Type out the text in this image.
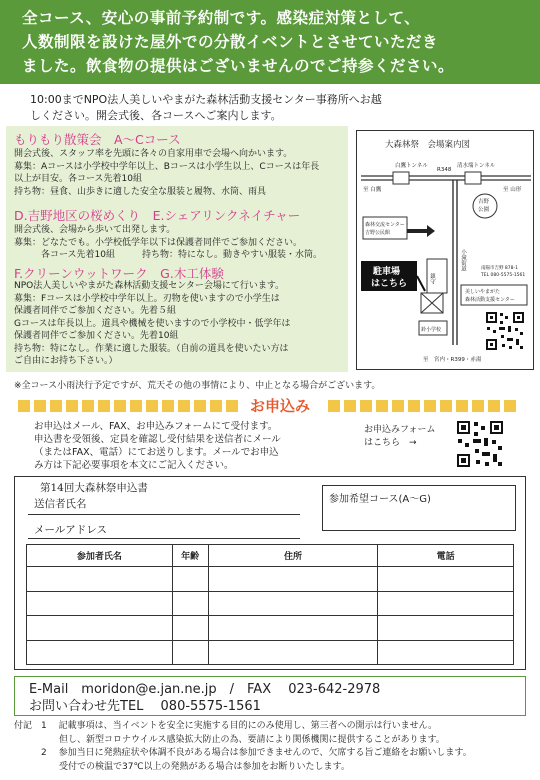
全コース、安心の事前予約制です。感染症対策として、
人数制限を設けた屋外での分散イベントとさせていただき
ました。飲食物の提供はございませんのでご持参ください。
10:00までNPO法人美しいやまがた森林活動支援センター事務所へお越
しください。開会式後、各コースへご案内します。
もりもり散策会　A～Cコース
開会式後、スタッフ率を先頭に各々の自家用車で会場へ向かいます。
募集：Aコースは小学校中学年以上、Bコースは小学生以上、Cコースは年長
以上が目安。各コース先着10組
持ち物：昼食、山歩きに適した安全な服装と履物、水筒、雨具
D.吉野地区の桜めくり　E.シェアリンクネイチャー
開会式後、会場から歩いて出発します。
募集：どなたでも。小学校低学年以下は保護者同伴でご参加ください。
　　　各コース先着10組　　　持ち物：特になし。動きやすい服装・水筒。
F.クリーンウットワーク　G.木工体験
NPO法人美しいやまがた森林活動支援センター会場にて行います。
募集：Fコースは小学校中学年以上。刃物を使いますので小学生は
保護者同伴でご参加ください。先着５組
Gコースは年長以上。道具や機械を使いますので小学校中・低学年は
保護者同伴でご参加ください。先着10組
持ち物：特になし。作業に適した服装。（自前の道具を使いたい方は
ご自由にお持ち下さい。）
大森林祭　会場案内図
白鷹トンネル	清水端トンネル
R348
至 白鷹	至 山形
吉野
公園
森林交流センター・
吉野公民館
小滝街道
鎮守
駐車場
はこちら
美しいやまがた
森林活動支援センター
南陽市吉野 878-1
TEL 080-5575-1561
鈴小学校
至　宮内・R399・赤湯
※全コース小雨決行予定ですが、荒天その他の事情により、中止となる場合がございます。
お申込み
お申込はメール、FAX、お申込みフォームにて受付ます。
申込書を受領後、定員を確認し受付結果を送信者にメール
（またはFAX、電話）にてお送りします。メールでお申込
み方は下記必要事項を本文にご記入ください。
お申込みフォーム
はこちら　→
第14回大森林祭申込書
送信者氏名
メールアドレス
参加希望コース(A～G)
参加者氏名	年齢	住所	電話

E-Mail　moridon@e.jan.ne.jp　/　FAX　 023-642-2978
お問い合わせ先TEL　 080-5575-1561
付記　1　 記載事項は、当イベントを安全に実施する目的にのみ使用し、第三者への開示は行いません。
　　　　　但し、新型コロナウイルス感染拡大防止の為、要請により関係機関に提供することがあります。
　　　2　 参加当日に発熱症状や体調不良がある場合は参加できませんので、欠席する旨ご連絡をお願いします。
　　　　　受付での検温で37℃以上の発熱がある場合は参加をお断りいたします。
